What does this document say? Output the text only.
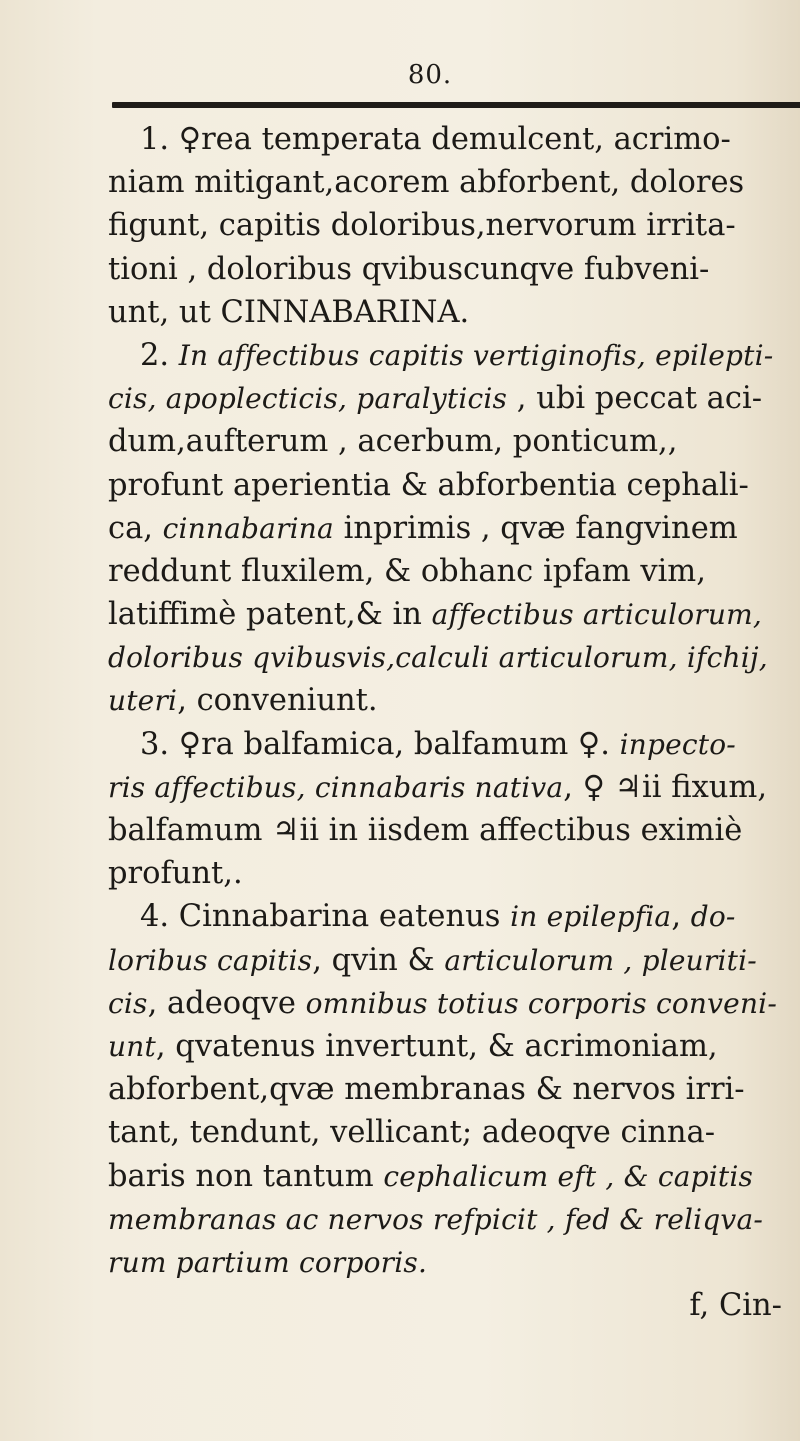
80.
1. ♀rea temperata demulcent, acrimo-
niam mitigant,acorem abforbent, dolores
figunt, capitis doloribus,nervorum irrita-
tioni , doloribus qvibuscunqve fubveni-
unt, ut CINNABARINA.
2. In affectibus capitis vertiginofis, epilepti-
cis, apoplecticis, paralyticis , ubi peccat aci-
dum,aufterum , acerbum, ponticum,,
profunt aperientia & abforbentia cephali-
ca, cinnabarina inprimis , qvæ fangvinem
reddunt fluxilem, & obhanc ipfam vim,
latiffimè patent,& in affectibus articulorum,
doloribus qvibusvis,calculi articulorum, ifchij,
uteri, conveniunt.
3. ♀ra balfamica, balfamum ♀. inpecto-
ris affectibus, cinnabaris nativa, ♀ ♃ii fixum,
balfamum ♃ii in iisdem affectibus eximiè
profunt,.
4. Cinnabarina eatenus in epilepfia, do-
loribus capitis, qvin & articulorum , pleuriti-
cis, adeoqve omnibus totius corporis conveni-
unt, qvatenus invertunt, & acrimoniam,
abforbent,qvæ membranas & nervos irri-
tant, tendunt, vellicant; adeoqve cinna-
baris non tantum cephalicum eft , & capitis
membranas ac nervos refpicit , fed & reliqva-
rum partium corporis.
f, Cin-
